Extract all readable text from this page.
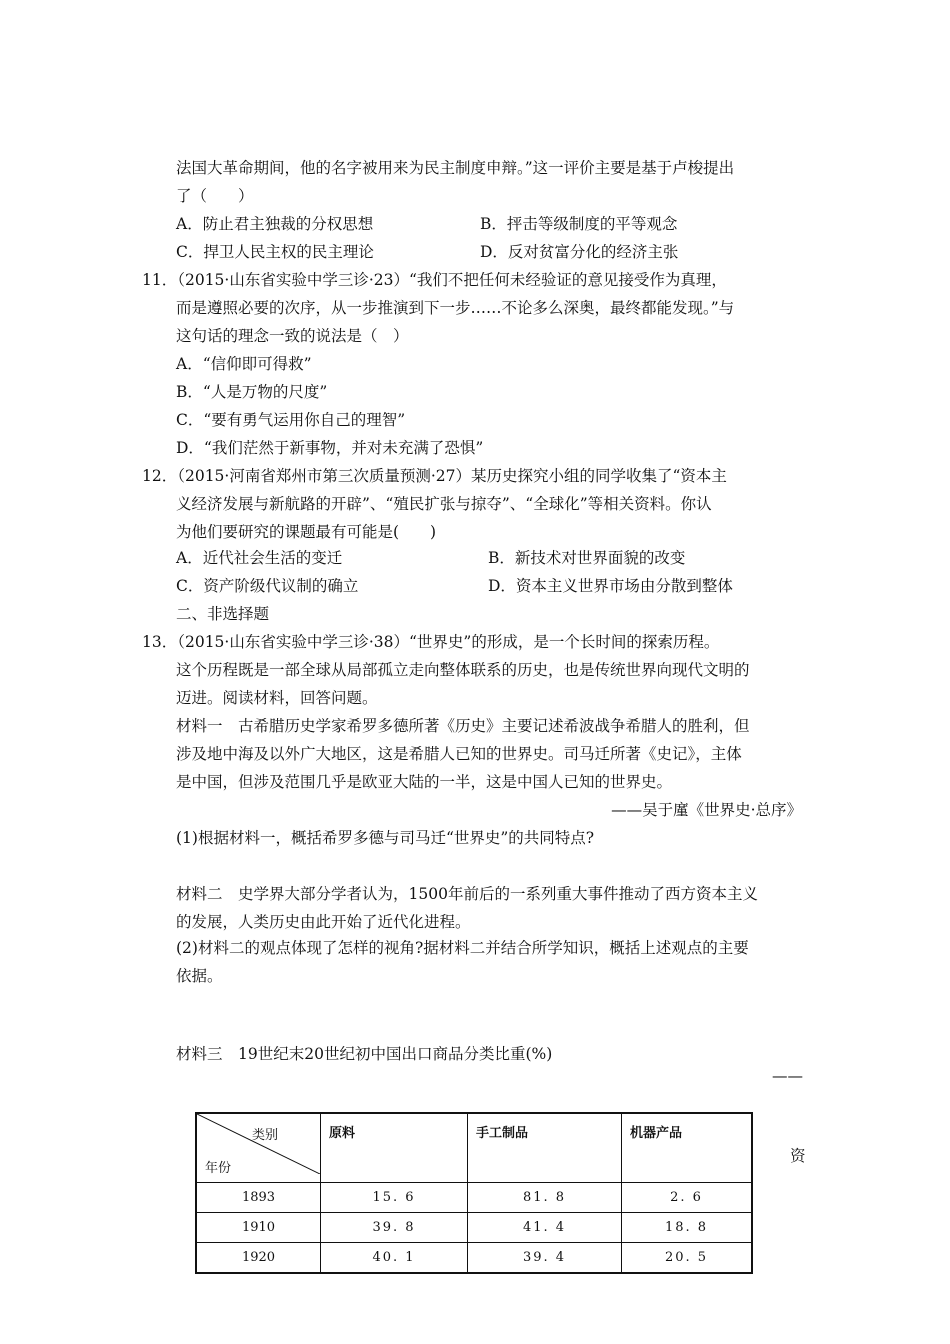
法国大革命期间，他的名字被用来为民主制度申辩。”这一评价主要是基于卢梭提出
了（　　）
A．防止君主独裁的分权思想	B．抨击等级制度的平等观念
C．捍卫人民主权的民主理论	D．反对贫富分化的经济主张
11．（2015·山东省实验中学三诊·23）“我们不把任何未经验证的意见接受作为真理，
而是遵照必要的次序，从一步推演到下一步……不论多么深奥，最终都能发现。”与
这句话的理念一致的说法是（　）
A．“信仰即可得救”
B．“人是万物的尺度”
C．“要有勇气运用你自己的理智”
D．“我们茫然于新事物，并对未充满了恐惧”
12．（2015·河南省郑州市第三次质量预测·27）某历史探究小组的同学收集了“资本主
义经济发展与新航路的开辟”、“殖民扩张与掠夺”、“全球化”等相关资料。你认
为他们要研究的课题最有可能是(　　)
A．近代社会生活的变迁	B．新技术对世界面貌的改变
C．资产阶级代议制的确立	D．资本主义世界市场由分散到整体
二、非选择题
13．（2015·山东省实验中学三诊·38）“世界史”的形成，是一个长时间的探索历程。
这个历程既是一部全球从局部孤立走向整体联系的历史，也是传统世界向现代文明的
迈进。阅读材料，回答问题。
材料一　古希腊历史学家希罗多德所著《历史》主要记述希波战争希腊人的胜利，但
涉及地中海及以外广大地区，这是希腊人已知的世界史。司马迁所著《史记》，主体
是中国，但涉及范围几乎是欧亚大陆的一半，这是中国人已知的世界史。
——吴于廑《世界史·总序》
(1)根据材料一，概括希罗多德与司马迁“世界史”的共同特点?
材料二　史学界大部分学者认为，1500年前后的一系列重大事件推动了西方资本主义
的发展，人类历史由此开始了近代化进程。
(2)材料二的观点体现了怎样的视角?据材料二并结合所学知识，概括上述观点的主要
依据。
材料三　19世纪末20世纪初中国出口商品分类比重(%)
——
资
类别
年份	原料	手工制品	机器产品
1893	15. 6	81. 8	2. 6
1910	39. 8	41. 4	18. 8
1920	40. 1	39. 4	20. 5
